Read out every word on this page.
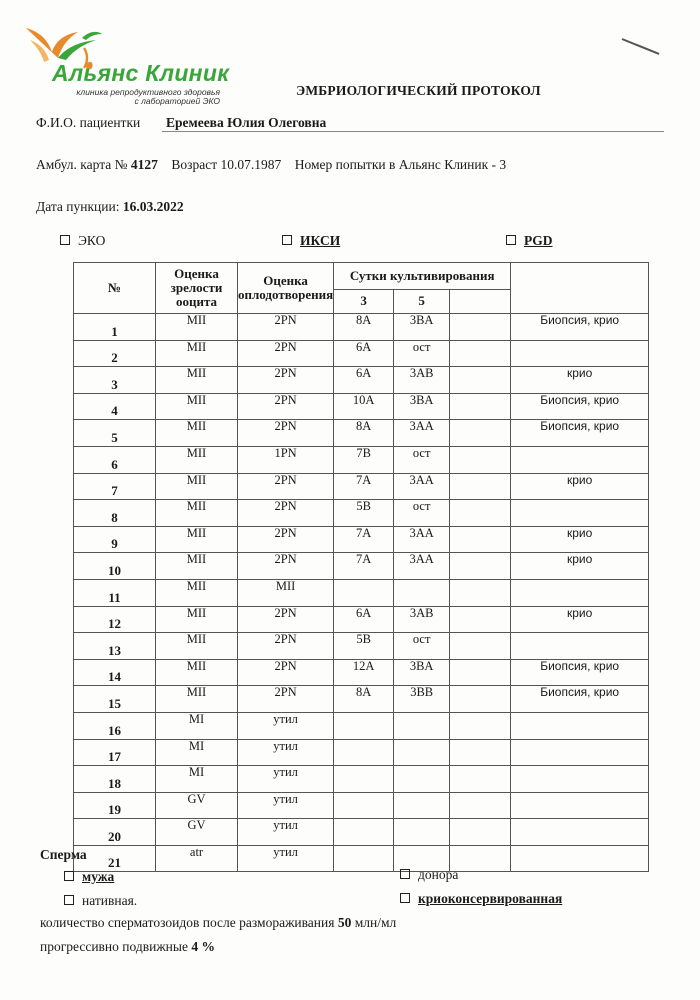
Альянс Клиник
клиника репродуктивного здоровья
с лабораторией ЭКО
ЭМБРИОЛОГИЧЕСКИЙ ПРОТОКОЛ
Ф.И.О. пациентки Еремеева Юлия Олеговна
Амбул. карта № 4127 Возраст 10.07.1987 Номер попытки в Альянс Клиник - 3
Дата пункции: 16.03.2022
ЭКО	ИКСИ	PGD
№	Оценка зрелости ооцита	Оценка оплодотворения	Сутки культивирования			
			3	5		
1	MII	2PN	8A	3BA		Биопсия, крио
2	MII	2PN	6A	ост		
3	MII	2PN	6A	3AB		крио
4	MII	2PN	10A	3BA		Биопсия, крио
5	MII	2PN	8A	3AA		Биопсия, крио
6	MII	1PN	7B	ост		
7	MII	2PN	7A	3AA		крио
8	MII	2PN	5B	ост		
9	MII	2PN	7A	3AA		крио
10	MII	2PN	7A	3AA		крио
11	MII	MII				
12	MII	2PN	6A	3AB		крио
13	MII	2PN	5B	ост		
14	MII	2PN	12A	3BA		Биопсия, крио
15	MII	2PN	8A	3BB		Биопсия, крио
16	MI	утил				
17	MI	утил				
18	MI	утил				
19	GV	утил				
20	GV	утил				
21	atr	утил				
Сперма
мужа	донора
нативная.	криоконсервированная
количество сперматозоидов после размораживания 50 млн/мл
прогрессивно подвижные 4 %
